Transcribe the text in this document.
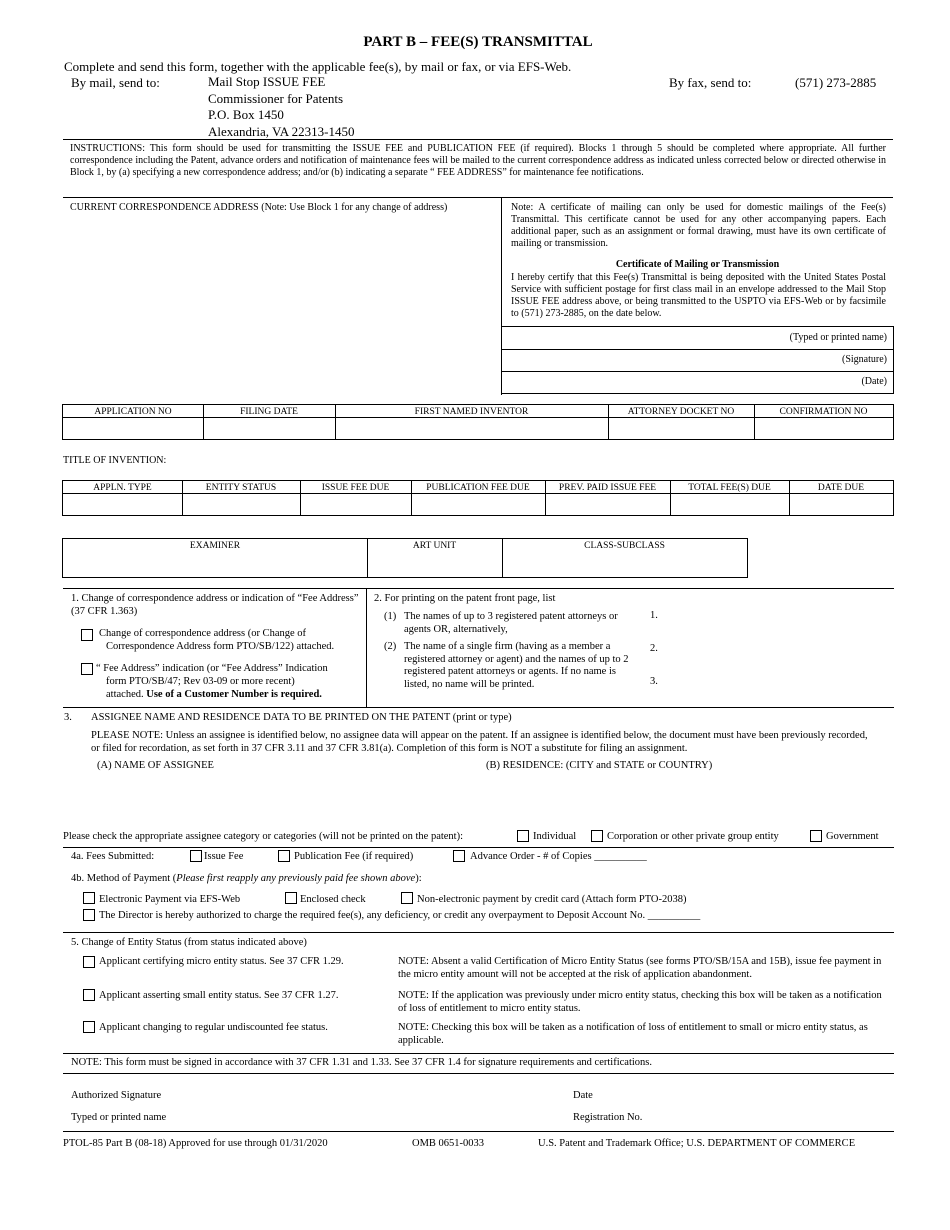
PART B – FEE(S) TRANSMITTAL
Complete and send this form, together with the applicable fee(s), by mail or fax, or via EFS-Web.
By mail, send to:	Mail Stop ISSUE FEE
Commissioner for Patents
P.O. Box 1450
Alexandria, VA 22313-1450
By fax, send to:	(571) 273-2885
INSTRUCTIONS: This form should be used for transmitting the ISSUE FEE and PUBLICATION FEE (if required). Blocks 1 through 5 should be completed where appropriate. All further correspondence including the Patent, advance orders and notification of maintenance fees will be mailed to the current correspondence address as indicated unless corrected below or directed otherwise in Block 1, by (a) specifying a new correspondence address; and/or (b) indicating a separate “ FEE ADDRESS” for maintenance fee notifications.
CURRENT CORRESPONDENCE ADDRESS (Note: Use Block 1 for any change of address)	Note: A certificate of mailing can only be used for domestic mailings of the Fee(s) Transmittal. This certificate cannot be used for any other accompanying papers. Each additional paper, such as an assignment or formal drawing, must have its own certificate of mailing or transmission.
Certificate of Mailing or Transmission
I hereby certify that this Fee(s) Transmittal is being deposited with the United States Postal Service with sufficient postage for first class mail in an envelope addressed to the Mail Stop ISSUE FEE address above, or being transmitted to the USPTO via EFS-Web or by facsimile to (571) 273-2885, on the date below.
(Typed or printed name)
(Signature)
(Date)
APPLICATION NO	FILING DATE	FIRST NAMED INVENTOR	ATTORNEY DOCKET NO	CONFIRMATION NO
TITLE OF INVENTION:
APPLN. TYPE	ENTITY STATUS	ISSUE FEE DUE	PUBLICATION FEE DUE	PREV. PAID ISSUE FEE	TOTAL FEE(S) DUE	DATE DUE
EXAMINER	ART UNIT	CLASS-SUBCLASS
1. Change of correspondence address or indication of “Fee Address” (37 CFR 1.363)
Change of correspondence address (or Change of
Correspondence Address form PTO/SB/122) attached.
“ Fee Address” indication (or “Fee Address” Indication
form PTO/SB/47; Rev 03-09 or more recent)
attached. Use of a Customer Number is required.
2. For printing on the patent front page, list
(1) The names of up to 3 registered patent attorneys or agents OR, alternatively,
(2) The name of a single firm (having as a member a registered attorney or agent) and the names of up to 2 registered patent attorneys or agents. If no name is listed, no name will be printed.
1.
2.
3.
3. ASSIGNEE NAME AND RESIDENCE DATA TO BE PRINTED ON THE PATENT (print or type)
PLEASE NOTE: Unless an assignee is identified below, no assignee data will appear on the patent. If an assignee is identified below, the document must have been previously recorded, or filed for recordation, as set forth in 37 CFR 3.11 and 37 CFR 3.81(a). Completion of this form is NOT a substitute for filing an assignment.
(A) NAME OF ASSIGNEE	(B) RESIDENCE: (CITY and STATE or COUNTRY)
Please check the appropriate assignee category or categories (will not be printed on the patent):	Individual	Corporation or other private group entity	Government
4a. Fees Submitted:	Issue Fee	Publication Fee (if required)	Advance Order - # of Copies __________
4b. Method of Payment (Please first reapply any previously paid fee shown above):
Electronic Payment via EFS-Web	Enclosed check	Non-electronic payment by credit card (Attach form PTO-2038)
The Director is hereby authorized to charge the required fee(s), any deficiency, or credit any overpayment to Deposit Account No. __________
5. Change of Entity Status (from status indicated above)
Applicant certifying micro entity status. See 37 CFR 1.29.	NOTE: Absent a valid Certification of Micro Entity Status (see forms PTO/SB/15A and 15B), issue fee payment in the micro entity amount will not be accepted at the risk of application abandonment.
Applicant asserting small entity status. See 37 CFR 1.27.	NOTE: If the application was previously under micro entity status, checking this box will be taken as a notification of loss of entitlement to micro entity status.
Applicant changing to regular undiscounted fee status.	NOTE: Checking this box will be taken as a notification of loss of entitlement to small or micro entity status, as applicable.
NOTE: This form must be signed in accordance with 37 CFR 1.31 and 1.33. See 37 CFR 1.4 for signature requirements and certifications.
Authorized Signature	Date
Typed or printed name	Registration No.
PTOL-85 Part B (08-18) Approved for use through 01/31/2020	OMB 0651-0033	U.S. Patent and Trademark Office; U.S. DEPARTMENT OF COMMERCE
